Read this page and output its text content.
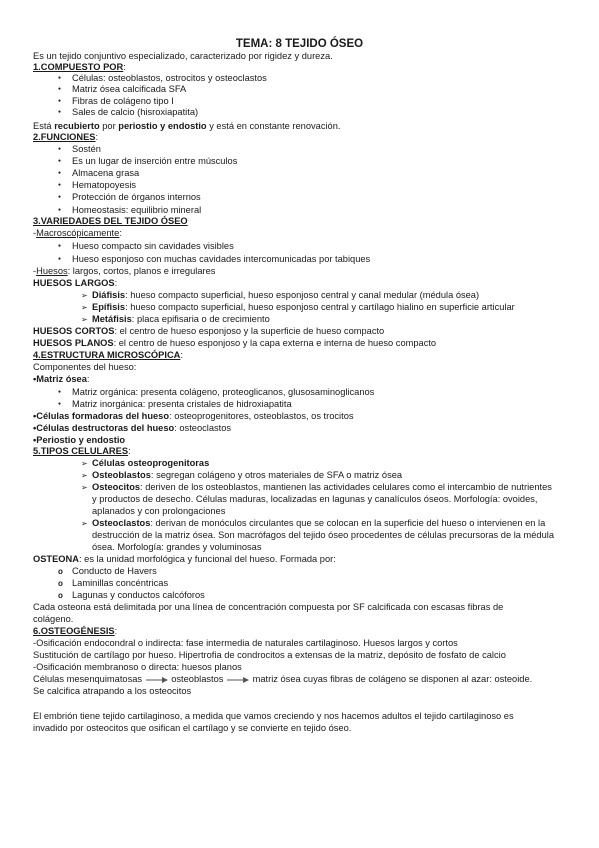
TEMA: 8 TEJIDO ÓSEO
Es un tejido conjuntivo especializado, caracterizado por rigidez y dureza.
1.COMPUESTO POR:
● Células: osteoblastos, ostrocitos y osteoclastos
● Matriz ósea calcificada SFA
● Fibras de colágeno tipo I
● Sales de calcio (hisroxiapatita)
Está recubierto por periostio y endostio y está en constante renovación.
2.FUNCIONES:
● Sostén
● Es un lugar de inserción entre músculos
● Almacena grasa
● Hematopoyesis
● Protección de órganos internos
● Homeostasis: equilibrio mineral
3.VARIEDADES DEL TEJIDO ÓSEO
-Macroscópicamente:
● Hueso compacto sin cavidades visibles
● Hueso esponjoso con muchas cavidades intercomunicadas por tabiques
-Huesos: largos, cortos, planos e irregulares
HUESOS LARGOS:
➢ Diáfisis: hueso compacto superficial, hueso esponjoso central y canal medular (médula ósea)
➢ Epífisis: hueso compacto superficial, hueso esponjoso central y cartílago hialino en superficie articular
➢ Metáfisis: placa epifisaria o de crecimiento
HUESOS CORTOS: el centro de hueso esponjoso y la superficie de hueso compacto
HUESOS PLANOS: el centro de hueso esponjoso y la capa externa e interna de hueso compacto
4.ESTRUCTURA MICROSCÓPICA:
Componentes del hueso:
•Matriz ósea:
● Matriz orgánica: presenta colágeno, proteoglicanos, glusosaminoglicanos
● Matriz inorgánica: presenta cristales de hidroxiapatita
•Células formadoras del hueso: osteoprogenitores, osteoblastos, os trocitos
•Células destructoras del hueso: osteoclastos
•Periostio y endostio
5.TIPOS CELULARES:
➢ Células osteoprogenitoras
➢ Osteoblastos: segregan colágeno y otros materiales de SFA o matriz ósea
➢ Osteocitos: deriven de los osteoblastos, mantienen las actividades celulares como el intercambio de nutrientes
y productos de desecho. Células maduras, localizadas en lagunas y canalículos óseos. Morfología: ovoides,
aplanados y con prolongaciones
➢ Osteoclastos: derivan de monóculos circulantes que se colocan en la superficie del hueso o intervienen en la
destrucción de la matriz ósea. Son macrófagos del tejido óseo procedentes de células precursoras de la médula
ósea. Morfología: grandes y voluminosas
OSTEONA: es la unidad morfológica y funcional del hueso. Formada por:
o Conducto de Havers
o Laminillas concéntricas
o Lagunas y conductos calcóforos
Cada osteona está delimitada por una línea de concentración compuesta por SF calcificada con escasas fibras de
colágeno.
6.OSTEOGÉNESIS:
-Osificación endocondral o indirecta: fase intermedia de naturales cartilaginoso. Huesos largos y cortos
Sustitución de cartílago por hueso. Hipertrofia de condrocitos a extensas de la matriz, depósito de fosfato de calcio
-Osificación membranoso o directa: huesos planos
Células mesenquimatosas	osteoblastos	matriz ósea cuyas fibras de colágeno se disponen al azar: osteoide.
Se calcifica atrapando a los osteocitos
El embrión tiene tejido cartilaginoso, a medida que vamos creciendo y nos hacemos adultos el tejido cartilaginoso es
invadido por osteocitos que osifican el cartílago y se convierte en tejido óseo.
